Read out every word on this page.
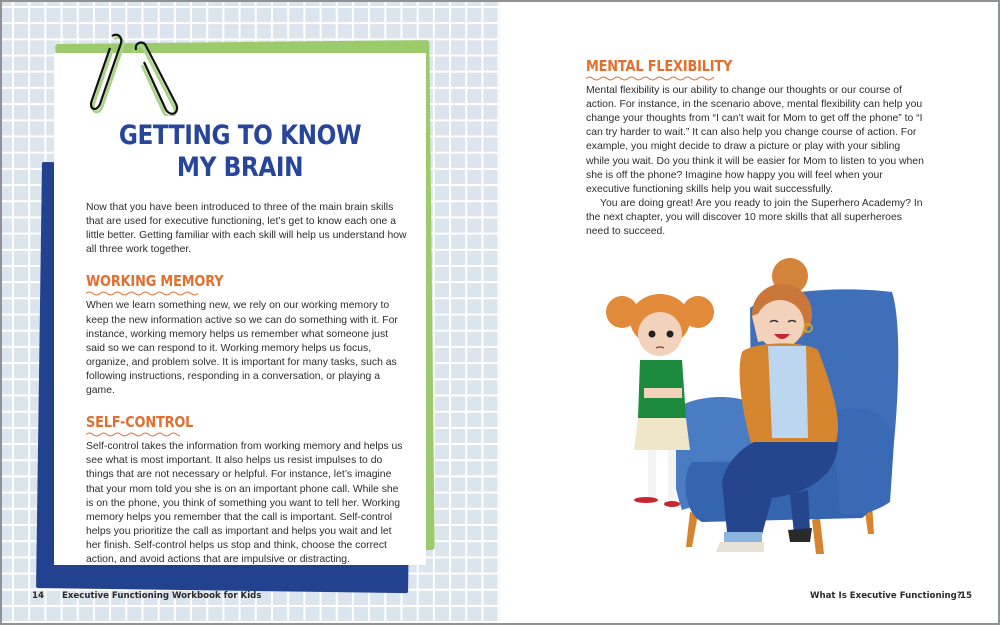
GETTING TO KNOW
MY BRAIN

Now that you have been introduced to three of the main brain skills that are used for executive functioning, let’s get to know each one a little better. Getting familiar with each skill will help us understand how all three work together.

WORKING MEMORY

When we learn something new, we rely on our working memory to keep the new information active so we can do something with it. For instance, working memory helps us remember what someone just said so we can respond to it. Working memory helps us focus, organize, and problem solve. It is important for many tasks, such as following instructions, responding in a conversation, or playing a game.

SELF-CONTROL

Self-control takes the information from working memory and helps us see what is most important. It also helps us resist impulses to do things that are not necessary or helpful. For instance, let’s imagine that your mom told you she is on an important phone call. While she is on the phone, you think of something you want to tell her. Working memory helps you remember that the call is important. Self-control helps you prioritize the call as important and helps you wait and let her finish. Self-control helps us stop and think, choose the correct action, and avoid actions that are impulsive or distracting.

14 Executive Functioning Workbook for Kids
MENTAL FLEXIBILITY

Mental flexibility is our ability to change our thoughts or our course of action. For instance, in the scenario above, mental flexibility can help you change your thoughts from “I can’t wait for Mom to get off the phone” to “I can try harder to wait.” It can also help you change course of action. For example, you might decide to draw a picture or play with your sibling while you wait. Do you think it will be easier for Mom to listen to you when she is off the phone? Imagine how happy you will feel when your executive functioning skills help you wait successfully.

You are doing great! Are you ready to join the Superhero Academy? In the next chapter, you will discover 10 more skills that all superheroes need to succeed.

What Is Executive Functioning?
15
